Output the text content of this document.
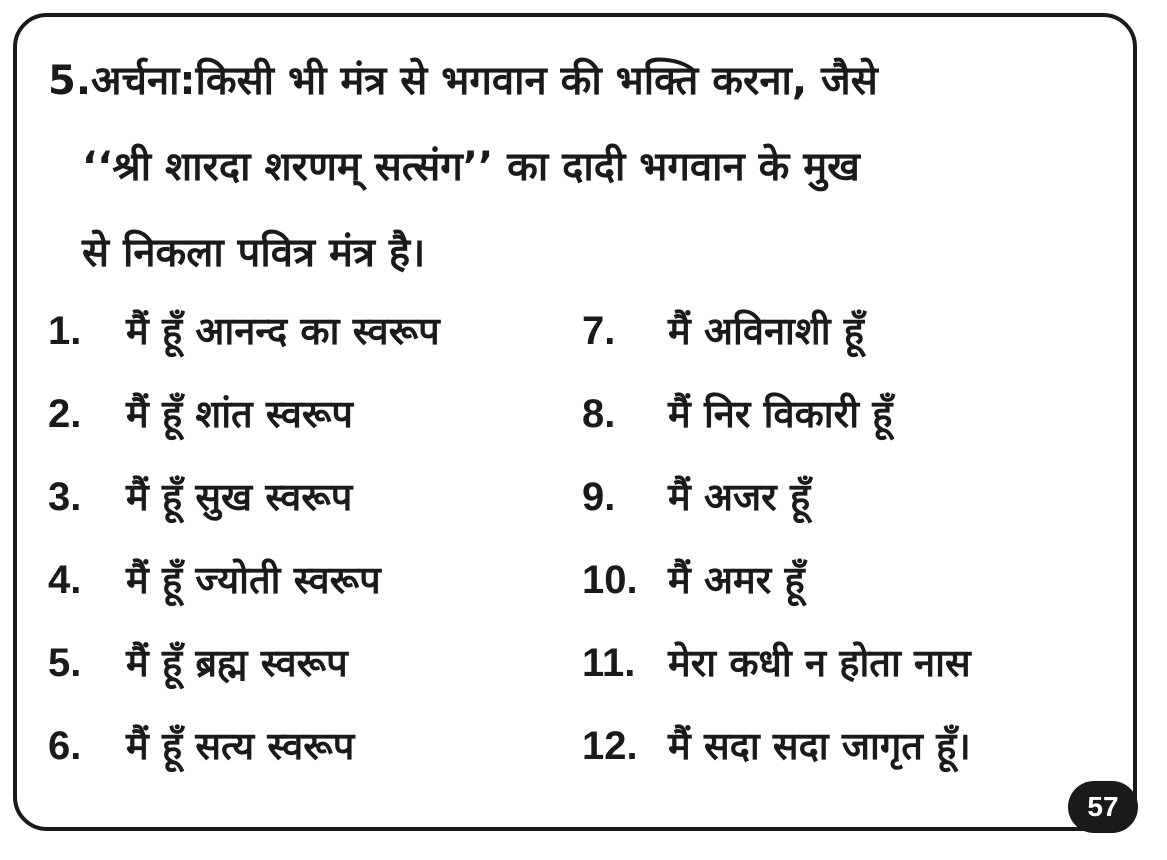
5.अर्चना:किसी भी मंत्र से भगवान की भक्ति करना, जैसे
‘‘श्री शारदा शरणम् सत्संग’’ का दादी भगवान के मुख
से निकला पवित्र मंत्र है।
1. मैं हूँ आनन्द का स्वरूप
2. मैं हूँ शांत स्वरूप
3. मैं हूँ सुख स्वरूप
4. मैं हूँ ज्योती स्वरूप
5. मैं हूँ ब्रह्म स्वरूप
6. मैं हूँ सत्य स्वरूप
7. मैं अविनाशी हूँ
8. मैं निर विकारी हूँ
9. मैं अजर हूँ
10. मैं अमर हूँ
11. मेरा कधी न होता नास
12. मैं सदा सदा जागृत हूँ।
57
